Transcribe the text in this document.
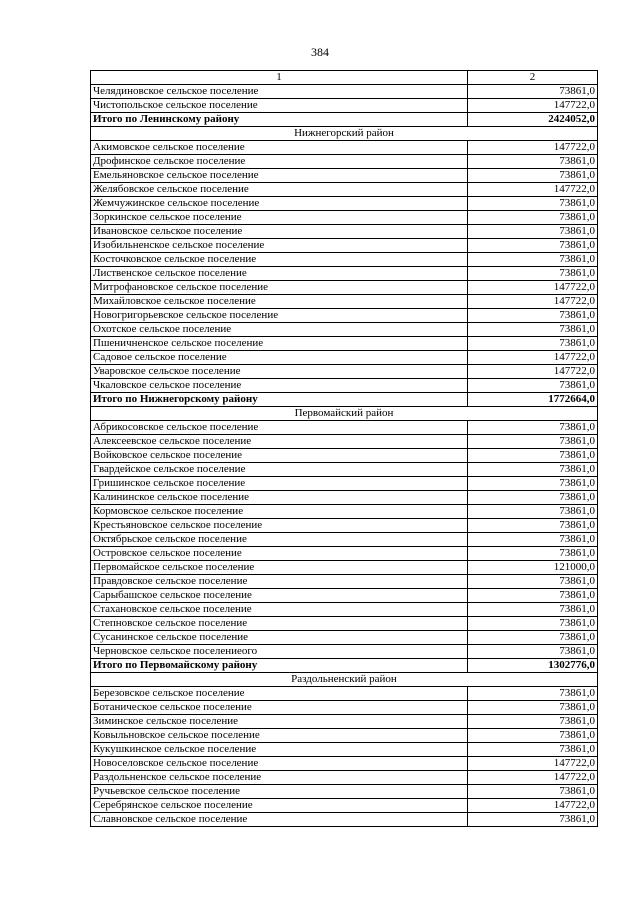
384
1	2
Челядиновское сельское поселение	73861,0
Чистопольское сельское поселение	147722,0
Итого по Ленинскому району	2424052,0
Нижнегорский район	
Акимовское сельское поселение	147722,0
Дрофинское сельское поселение	73861,0
Емельяновское сельское поселение	73861,0
Желябовское сельское поселение	147722,0
Жемчужинское сельское поселение	73861,0
Зоркинское сельское поселение	73861,0
Ивановское сельское поселение	73861,0
Изобильненское сельское поселение	73861,0
Косточковское сельское поселение	73861,0
Лиственское сельское поселение	73861,0
Митрофановское сельское поселение	147722,0
Михайловское сельское поселение	147722,0
Новогригорьевское сельское поселение	73861,0
Охотское сельское поселение	73861,0
Пшеничненское сельское поселение	73861,0
Садовое сельское поселение	147722,0
Уваровское сельское поселение	147722,0
Чкаловское сельское поселение	73861,0
Итого по Нижнегорскому району	1772664,0
Первомайский район	
Абрикосовское сельское поселение	73861,0
Алексеевское сельское поселение	73861,0
Войковское сельское поселение	73861,0
Гвардейское сельское поселение	73861,0
Гришинское сельское поселение	73861,0
Калининское сельское поселение	73861,0
Кормовское сельское поселение	73861,0
Крестьяновское сельское поселение	73861,0
Октябрьское сельское поселение	73861,0
Островское сельское поселение	73861,0
Первомайское сельское поселение	121000,0
Правдовское сельское поселение	73861,0
Сарыбашское сельское поселение	73861,0
Стахановское сельское поселение	73861,0
Степновское сельское поселение	73861,0
Сусанинское сельское поселение	73861,0
Черновское сельское поселениеого	73861,0
Итого по Первомайскому району	1302776,0
Раздольненский район	
Березовское сельское поселение	73861,0
Ботаническое сельское поселение	73861,0
Зиминское сельское поселение	73861,0
Ковыльновское сельское поселение	73861,0
Кукушкинское сельское поселение	73861,0
Новоселовское сельское поселение	147722,0
Раздольненское сельское поселение	147722,0
Ручьевское сельское поселение	73861,0
Серебрянское сельское поселение	147722,0
Славновское сельское поселение	73861,0
